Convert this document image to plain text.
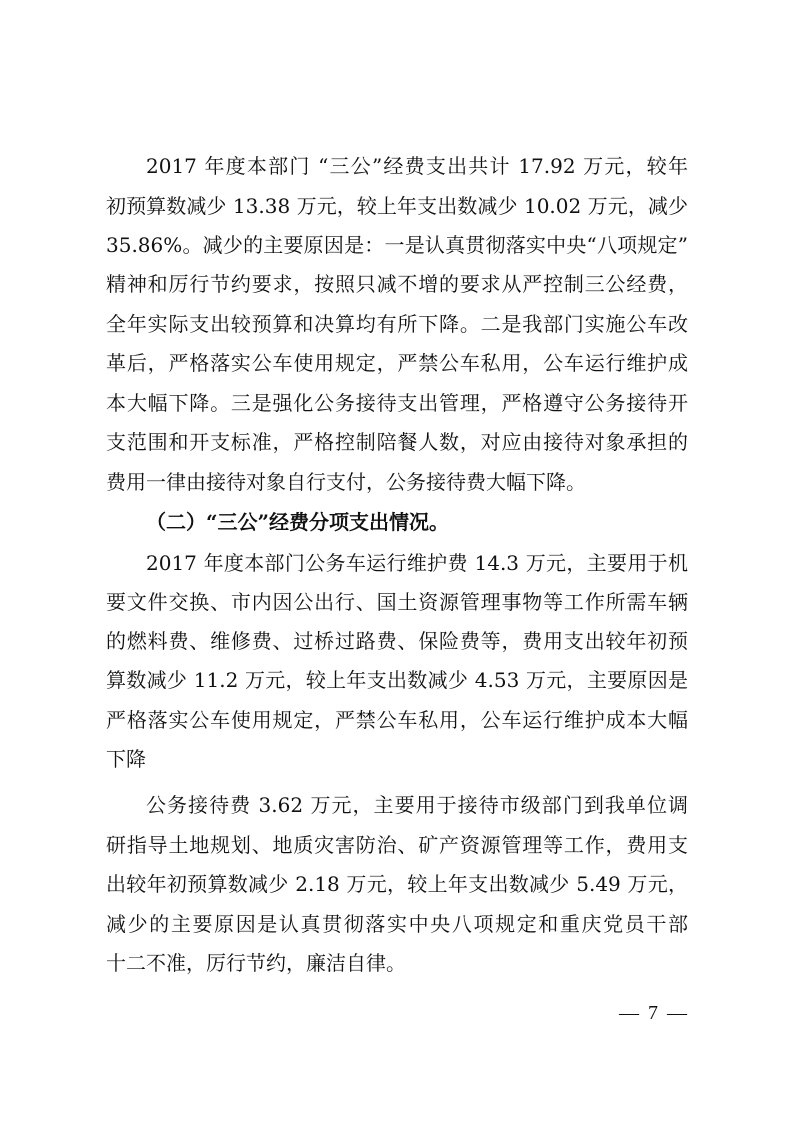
2017 年度本部门 “三公”经费支出共计 17.92 万元，较年
初预算数减少 13.38 万元，较上年支出数减少 10.02 万元，减少
35.86%。减少的主要原因是：一是认真贯彻落实中央“八项规定”
精神和厉行节约要求，按照只减不增的要求从严控制三公经费，
全年实际支出较预算和决算均有所下降。二是我部门实施公车改
革后，严格落实公车使用规定，严禁公车私用，公车运行维护成
本大幅下降。三是强化公务接待支出管理，严格遵守公务接待开
支范围和开支标准，严格控制陪餐人数，对应由接待对象承担的
费用一律由接待对象自行支付，公务接待费大幅下降。
（二）“三公”经费分项支出情况。
2017 年度本部门公务车运行维护费 14.3 万元，主要用于机
要文件交换、市内因公出行、国土资源管理事物等工作所需车辆
的燃料费、维修费、过桥过路费、保险费等，费用支出较年初预
算数减少 11.2 万元，较上年支出数减少 4.53 万元，主要原因是
严格落实公车使用规定，严禁公车私用，公车运行维护成本大幅
下降
公务接待费 3.62 万元，主要用于接待市级部门到我单位调
研指导土地规划、地质灾害防治、矿产资源管理等工作，费用支
出较年初预算数减少 2.18 万元，较上年支出数减少 5.49 万元，
减少的主要原因是认真贯彻落实中央八项规定和重庆党员干部
十二不准，厉行节约，廉洁自律。
— 7 —
